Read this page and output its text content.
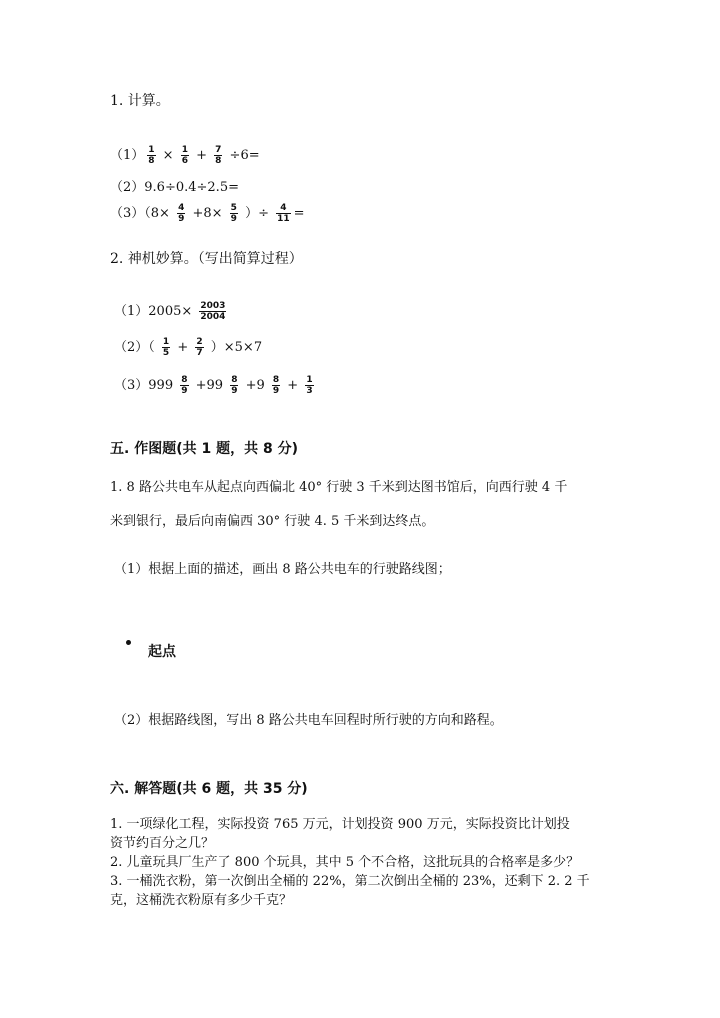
1. 计算。
$(1) \frac{1}{8} \times \frac{1}{6} + \frac{7}{8} \div 6=$
（2）9.6÷0.4÷2.5=
$(3)(8\times \frac{4}{9} +8\times \frac{5}{9}$ ）÷ $\frac{4}{11}$ =
2. 神机妙算。（写出简算过程）
$(1)2005\times \frac{2003}{2004}$
$(2)( \frac{1}{5} + \frac{2}{7} )\times 5\times 7$
$(3)999 \frac{8}{9} +99 \frac{8}{9} +9 \frac{8}{9} + \frac{1}{3}$
五. 作图题(共 1 题，共 8 分)
1. 8 路公共电车从起点向西偏北 40° 行驶 3 千米到达图书馆后，向西行驶 4 千
米到银行，最后向南偏西 30° 行驶 4. 5 千米到达终点。
（1）根据上面的描述，画出 8 路公共电车的行驶路线图；
起点
（2）根据路线图，写出 8 路公共电车回程时所行驶的方向和路程。
六. 解答题(共 6 题，共 35 分)
1. 一项绿化工程，实际投资 765 万元，计划投资 900 万元，实际投资比计划投
资节约百分之几？
2. 儿童玩具厂生产了 800 个玩具，其中 5 个不合格，这批玩具的合格率是多少？
3. 一桶洗衣粉，第一次倒出全桶的 22%，第二次倒出全桶的 23%，还剩下 2. 2 千
克，这桶洗衣粉原有多少千克？
